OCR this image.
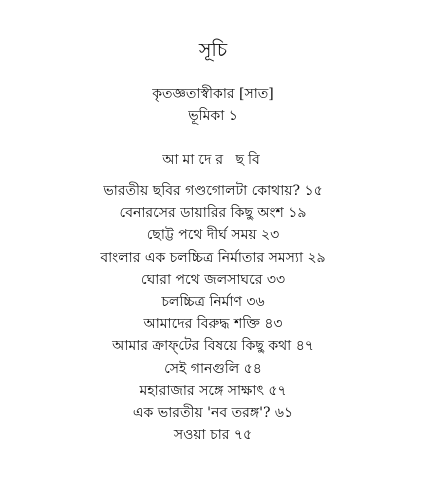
সূচি
কৃতজ্ঞতাস্বীকার [সাত]
ভূমিকা ১
আমাদের ছবি
ভারতীয় ছবির গণ্ডগোলটা কোথায়? ১৫
বেনারসের ডায়ারির কিছু অংশ ১৯
ছোট্ট পথে দীর্ঘ সময় ২৩
বাংলার এক চলচ্চিত্র নির্মাতার সমস্যা ২৯
ঘোরা পথে জলসাঘরে ৩৩
চলচ্চিত্র নির্মাণ ৩৬
আমাদের বিরুদ্ধ শক্তি ৪৩
আমার ক্রাফ্‌টের বিষয়ে কিছু কথা ৪৭
সেই গানগুলি ৫৪
মহারাজার সঙ্গে সাক্ষাৎ ৫৭
এক ভারতীয় 'নব তরঙ্গ'? ৬১
সওয়া চার ৭৫
